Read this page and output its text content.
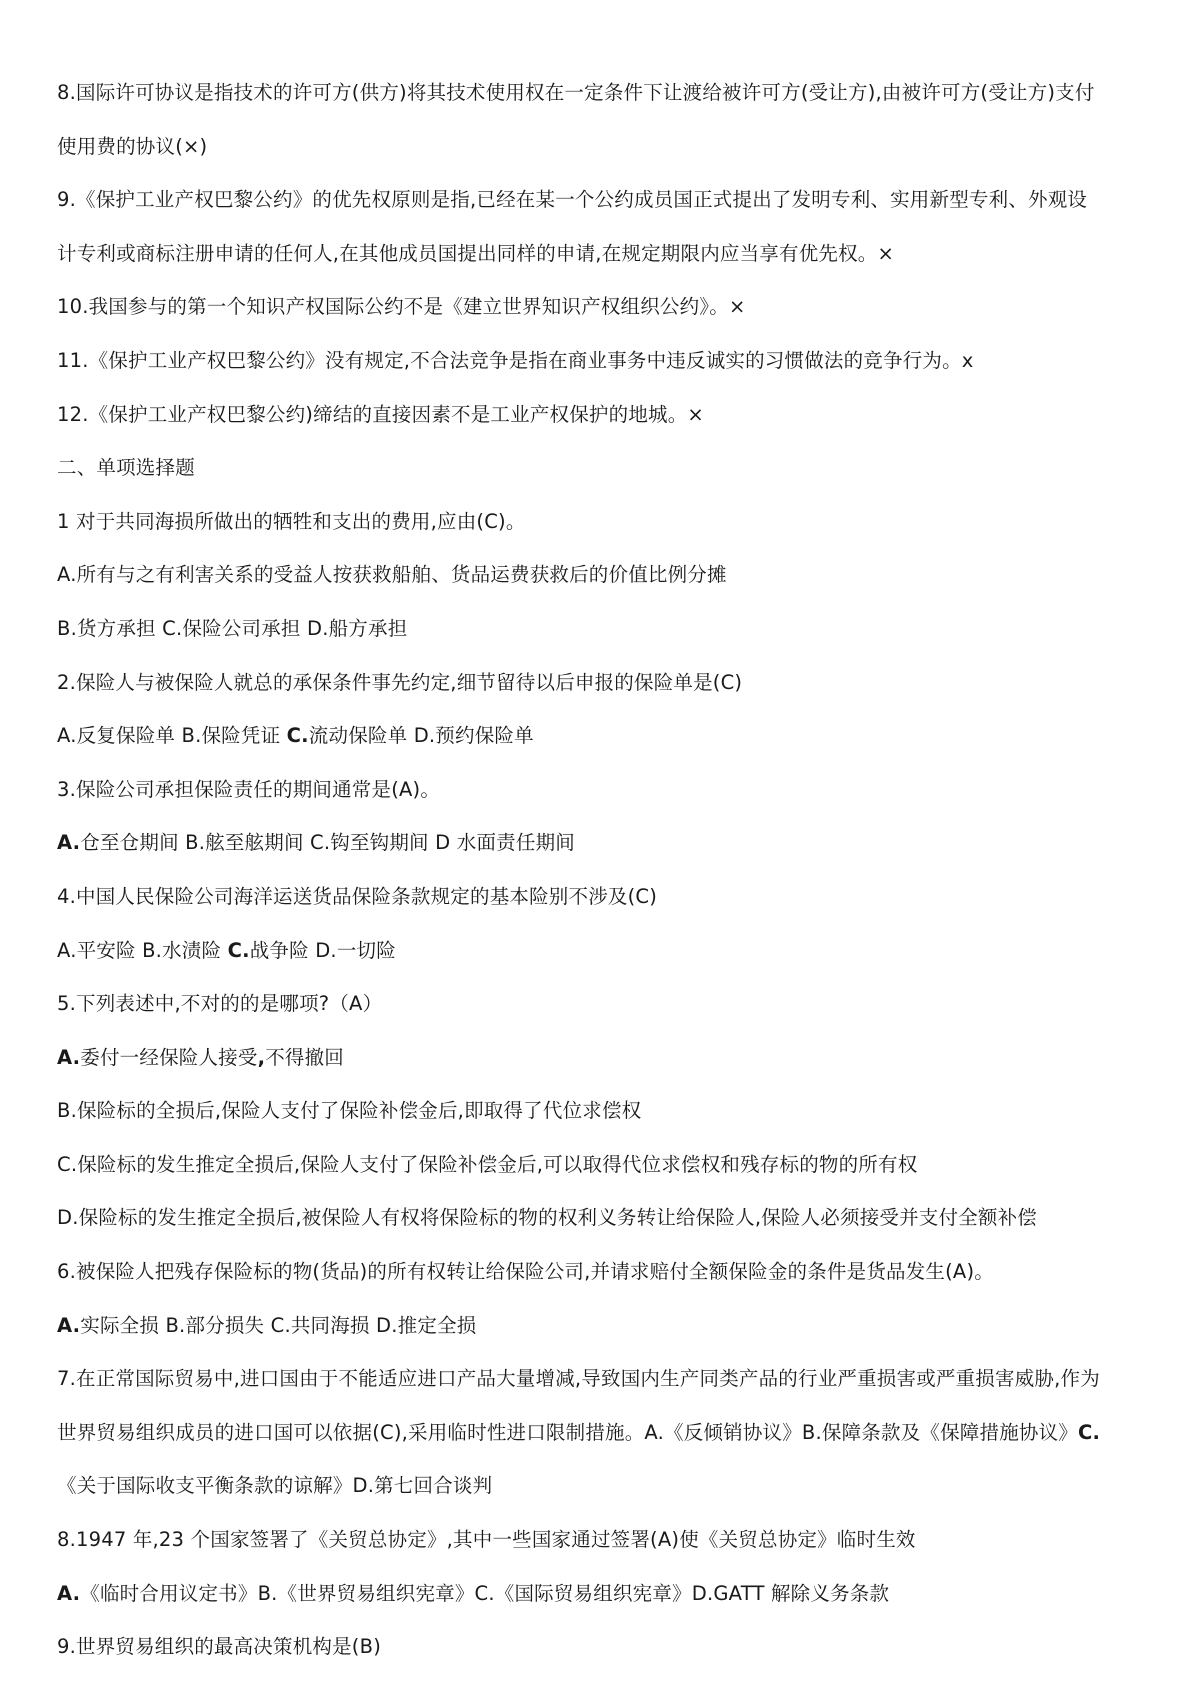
8.国际许可协议是指技术的许可方(供方)将其技术使用权在一定条件下让渡给被许可方(受让方),由被许可方(受让方)支付
使用费的协议(×)
9.《保护工业产权巴黎公约》的优先权原则是指,已经在某一个公约成员国正式提出了发明专利、实用新型专利、外观设
计专利或商标注册申请的任何人,在其他成员国提出同样的申请,在规定期限内应当享有优先权。×
10.我国参与的第一个知识产权国际公约不是《建立世界知识产权组织公约》。×
11.《保护工业产权巴黎公约》没有规定,不合法竞争是指在商业事务中违反诚实的习惯做法的竞争行为。x
12.《保护工业产权巴黎公约)缔结的直接因素不是工业产权保护的地城。×
二、单项选择题
1 对于共同海损所做出的牺牲和支出的费用,应由(C)。
A.所有与之有利害关系的受益人按获救船舶、货品运费获救后的价值比例分摊
B.货方承担 C.保险公司承担 D.船方承担
2.保险人与被保险人就总的承保条件事先约定,细节留待以后申报的保险单是(C)
A.反复保险单 B.保险凭证 C.流动保险单 D.预约保险单
3.保险公司承担保险责任的期间通常是(A)。
A.仓至仓期间 B.舷至舷期间 C.钩至钩期间 D 水面责任期间
4.中国人民保险公司海洋运送货品保险条款规定的基本险别不涉及(C)
A.平安险 B.水渍险 C.战争险 D.一切险
5.下列表述中,不对的的是哪项?（A）
A.委付一经保险人接受,不得撤回
B.保险标的全损后,保险人支付了保险补偿金后,即取得了代位求偿权
C.保险标的发生推定全损后,保险人支付了保险补偿金后,可以取得代位求偿权和残存标的物的所有权
D.保险标的发生推定全损后,被保险人有权将保险标的物的权利义务转让给保险人,保险人必须接受并支付全额补偿
6.被保险人把残存保险标的物(货品)的所有权转让给保险公司,并请求赔付全额保险金的条件是货品发生(A)。
A.实际全损 B.部分损失 C.共同海损 D.推定全损
7.在正常国际贸易中,进口国由于不能适应进口产品大量增减,导致国内生产同类产品的行业严重损害或严重损害威胁,作为
世界贸易组织成员的进口国可以依据(C),采用临时性进口限制措施。A.《反倾销协议》B.保障条款及《保障措施协议》C.
《关于国际收支平衡条款的谅解》D.第七回合谈判
8.1947 年,23 个国家签署了《关贸总协定》,其中一些国家通过签署(A)使《关贸总协定》临时生效
A.《临时合用议定书》B.《世界贸易组织宪章》C.《国际贸易组织宪章》D.GATT 解除义务条款
9.世界贸易组织的最高决策机构是(B)
